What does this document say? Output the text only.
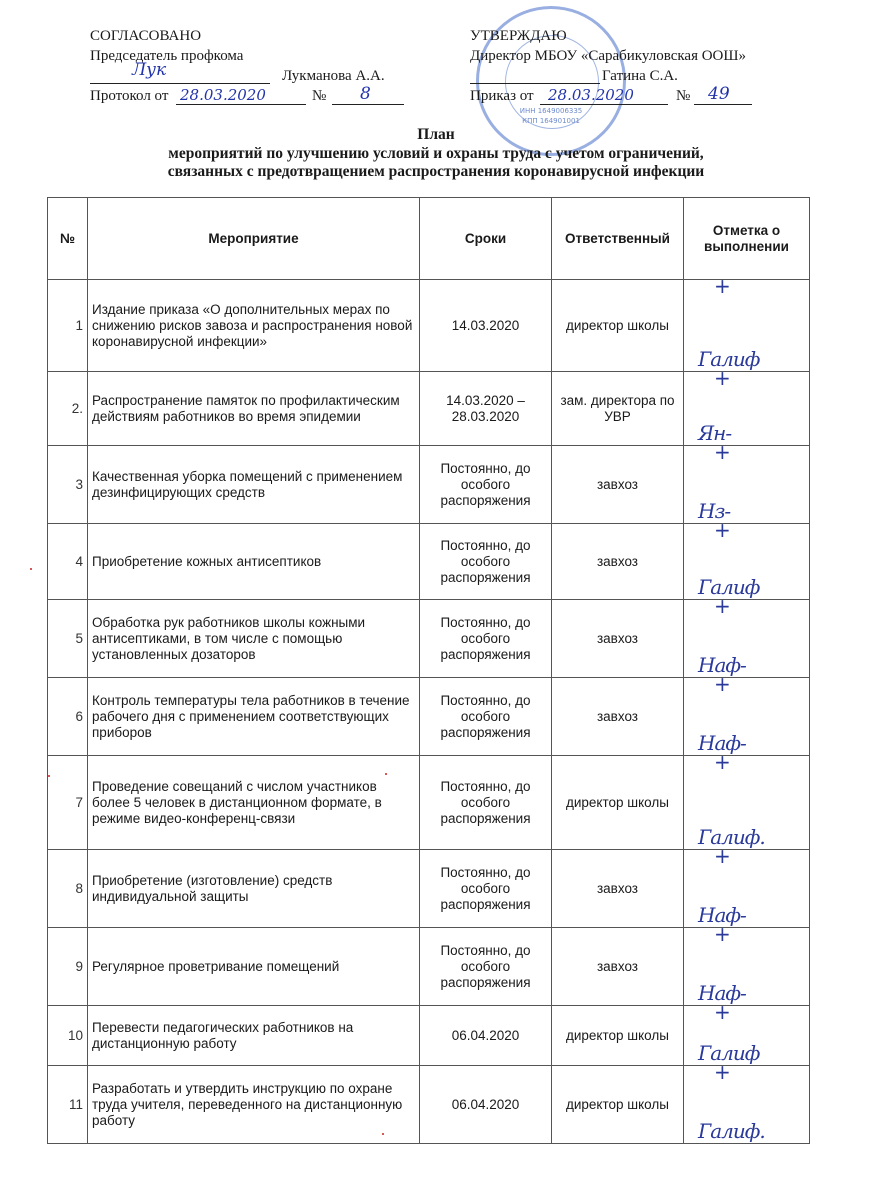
ИНН 1649006335
КПП 164901001
СОГЛАСОВАНО
Председатель профкома
Лук	Лукманова А.А.
Протокол от 28.03.2020	№ 8
УТВЕРЖДАЮ
Директор МБОУ «Сарабикуловская ООШ»
Гатина С.А.
Приказ от 28.03.2020	№ 49
План
мероприятий по улучшению условий и охраны труда с учетом ограничений,
связанных с предотвращением распространения коронавирусной инфекции
№	Мероприятие	Сроки	Ответственный	Отметка о выполнении
1	Издание приказа «О дополнительных мерах по снижению рисков завоза и распространения новой коронавирусной инфекции»	14.03.2020	директор школы	+
Галиф

2.	Распространение памяток по профилактическим действиям работников во время эпидемии	14.03.2020 – 28.03.2020	зам. директора по УВР	+
Ян-

3	Качественная уборка помещений с применением дезинфицирующих средств	Постоянно, до особого распоряжения	завхоз	+
Нз-

4	Приобретение кожных антисептиков	Постоянно, до особого распоряжения	завхоз	+
Галиф

5	Обработка рук работников школы кожными антисептиками, в том числе с помощью установленных дозаторов	Постоянно, до особого распоряжения	завхоз	+
Наф-

6	Контроль температуры тела работников в течение рабочего дня с применением соответствующих приборов	Постоянно, до особого распоряжения	завхоз	+
Наф-

7	Проведение совещаний с числом участников более 5 человек в дистанционном формате, в режиме видео-конференц-связи	Постоянно, до особого распоряжения	директор школы	+
Галиф.

8	Приобретение (изготовление) средств индивидуальной защиты	Постоянно, до особого распоряжения	завхоз	+
Наф-

9	Регулярное проветривание помещений	Постоянно, до особого распоряжения	завхоз	+
Наф-

10	Перевести педагогических работников на дистанционную работу	06.04.2020	директор школы	+
Галиф

11	Разработать и утвердить инструкцию по охране труда учителя, переведенного на дистанционную работу	06.04.2020	директор школы	+
Галиф.
